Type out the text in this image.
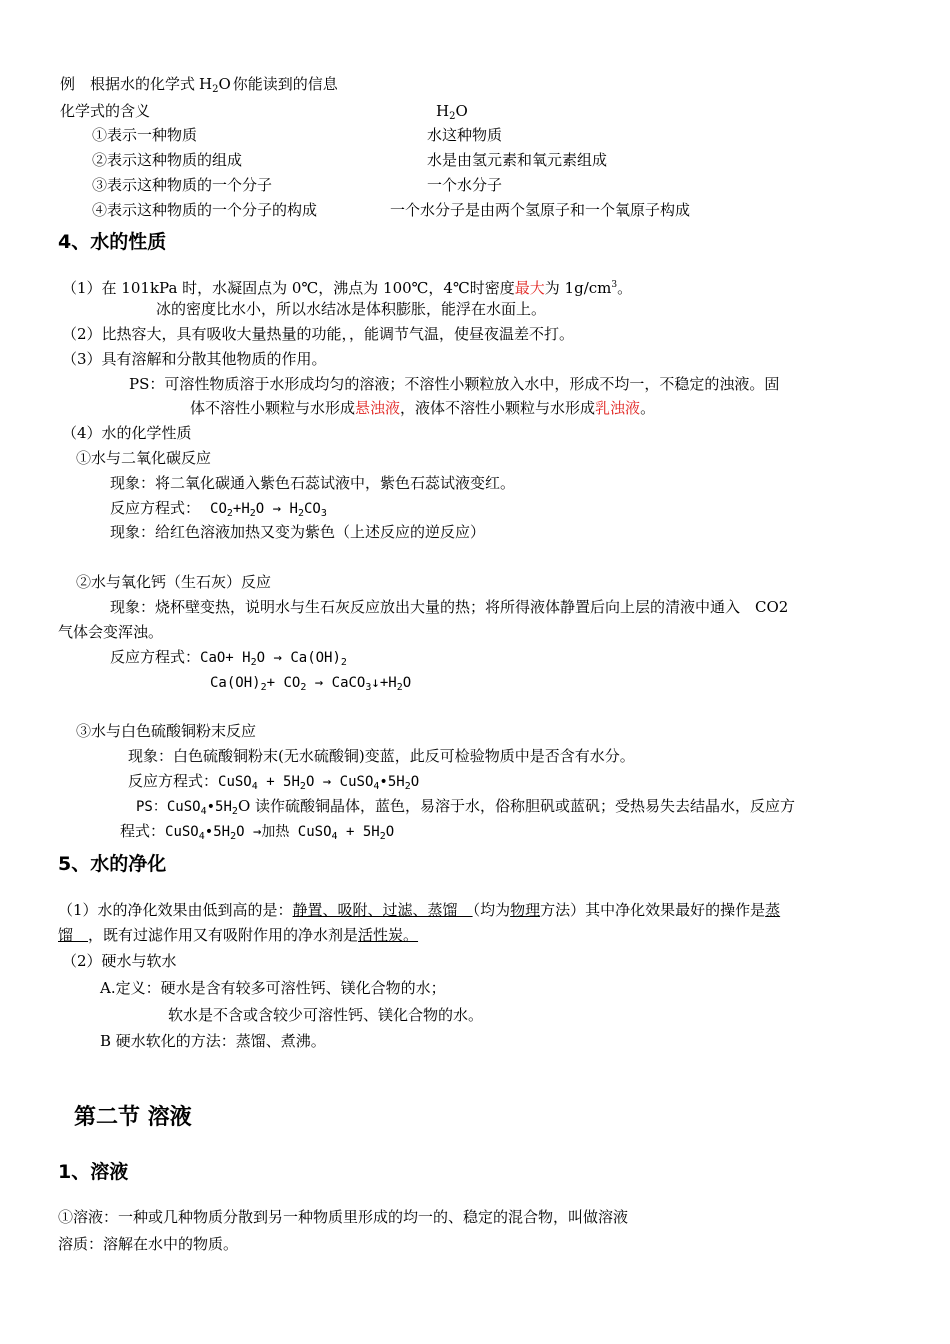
例　根据水的化学式 $H_2O$ 你能读到的信息
化学式的含义	$H_2O$
①表示一种物质	水这种物质
②表示这种物质的组成	水是由氢元素和氧元素组成
③表示这种物质的一个分子	一个水分子
④表示这种物质的一个分子的构成	一个水分子是由两个氢原子和一个氧原子构成
4、水的性质
（1）在 101kPa 时，水凝固点为 0℃，沸点为 100℃，4℃时密度最大为 $1g/cm^3$。
冰的密度比水小，所以水结冰是体积膨胀，能浮在水面上。
（2）比热容大，具有吸收大量热量的功能，，能调节气温，使昼夜温差不打。
（3）具有溶解和分散其他物质的作用。
PS：可溶性物质溶于水形成均匀的溶液；不溶性小颗粒放入水中，形成不均一，不稳定的浊液。固
体不溶性小颗粒与水形成悬浊液，液体不溶性小颗粒与水形成乳浊液。
（4）水的化学性质
①水与二氧化碳反应
现象：将二氧化碳通入紫色石蕊试液中，紫色石蕊试液变红。
反应方程式： $CO_2+H_2O \to H_2CO_3$
现象：给红色溶液加热又变为紫色（上述反应的逆反应）
②水与氧化钙（生石灰）反应
现象：烧杯壁变热，说明水与生石灰反应放出大量的热；将所得液体静置后向上层的清液中通入　CO2
气体会变浑浊。
反应方程式：$CaO+ H_2O \to Ca(OH)_2$
$Ca(OH)_2+ CO_2$ → $CaCO_3↓+H_2O$
③水与白色硫酸铜粉末反应
现象：白色硫酸铜粉末(无水硫酸铜)变蓝，此反可检验物质中是否含有水分。
反应方程式：CuSO$_4$ + $5H_2O$ → $CuSO_4•5H_2O$
PS：$CuSO_4•5H_2O$ 读作硫酸铜晶体，蓝色，易溶于水，俗称胆矾或蓝矾；受热易失去结晶水，反应方
程式：$CuSO_4•5H_2O$ →加热 CuSO$_4$ + $5H_2O$
5、水的净化
（1）水的净化效果由低到高的是：静置、吸附、过滤、蒸馏　（均为物理方法）其中净化效果最好的操作是蒸
馏　，既有过滤作用又有吸附作用的净水剂是活性炭。
（2）硬水与软水
A.定义：硬水是含有较多可溶性钙、镁化合物的水；
软水是不含或含较少可溶性钙、镁化合物的水。
B 硬水软化的方法：蒸馏、煮沸。
第二节 溶液
1、溶液
①溶液：一种或几种物质分散到另一种物质里形成的均一的、稳定的混合物，叫做溶液
溶质：溶解在水中的物质。
